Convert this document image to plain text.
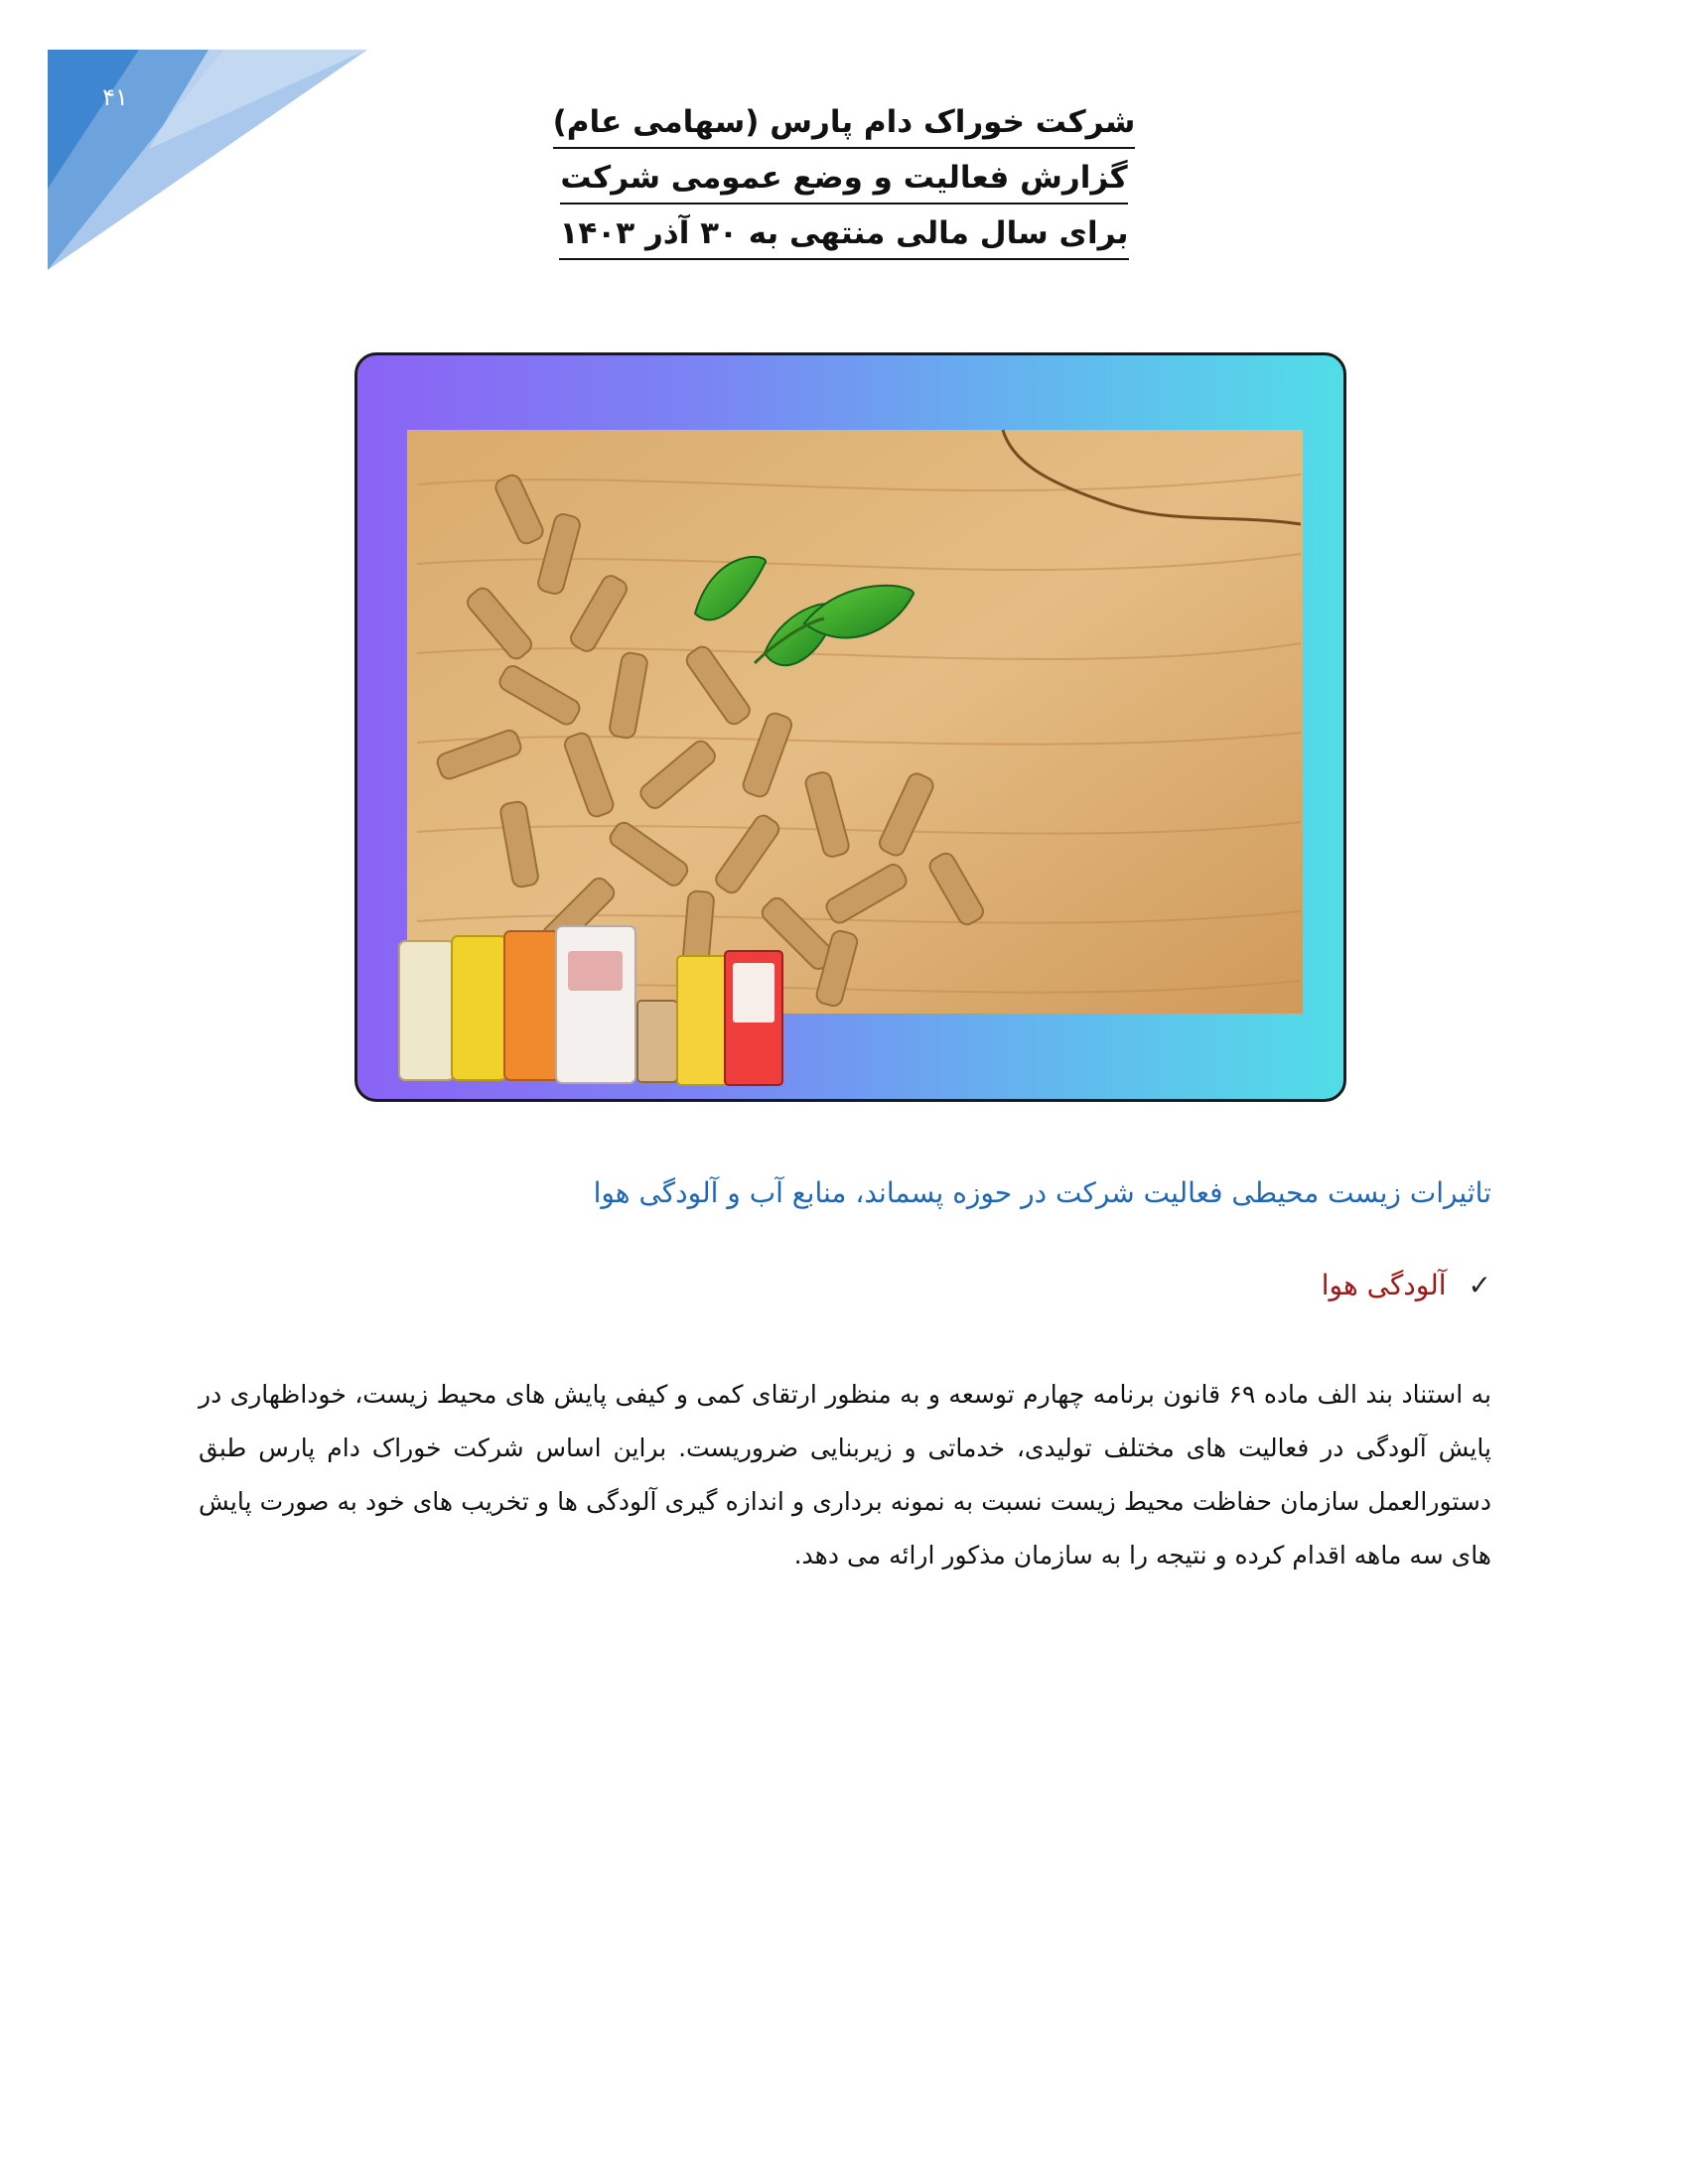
۴۱
شرکت خوراک دام پارس (سهامی عام)
گزارش فعالیت و وضع عمومی شرکت
برای سال مالی منتهی به ۳۰ آذر ۱۴۰۳
تاثیرات زیست محیطی فعالیت شرکت در حوزه پسماند، منابع آب و آلودگی هوا
✓
آلودگی هوا
به استناد بند الف ماده ۶۹ قانون برنامه چهارم توسعه و به منظور ارتقای کمی و کیفی پایش های محیط زیست، خوداظهاری در پایش آلودگی در فعالیت های مختلف تولیدی، خدماتی و زیربنایی ضروریست. براین اساس شرکت خوراک دام پارس طبق دستورالعمل سازمان حفاظت محیط زیست نسبت به نمونه برداری و اندازه گیری آلودگی ها و تخریب های خود به صورت پایش های سه ماهه اقدام کرده و نتیجه را به سازمان مذکور ارائه می دهد.
